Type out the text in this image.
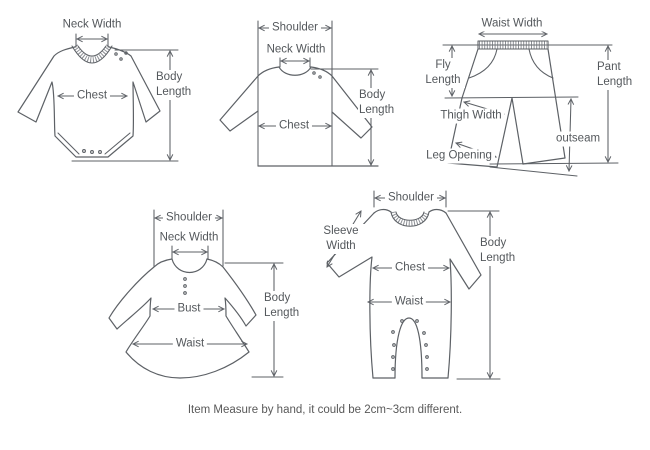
Neck Width
Chest
Body Length
Shoulder
Neck Width
Chest
Body Length
Waist Width
Fly Length
Pant Length
Thigh Width
outseam
Leg Opening
Shoulder
Neck Width
Bust
Waist
Body Length
Shoulder
Sleeve Width
Chest
Waist
Body Length
Item Measure by hand, it could be 2cm~3cm different.
